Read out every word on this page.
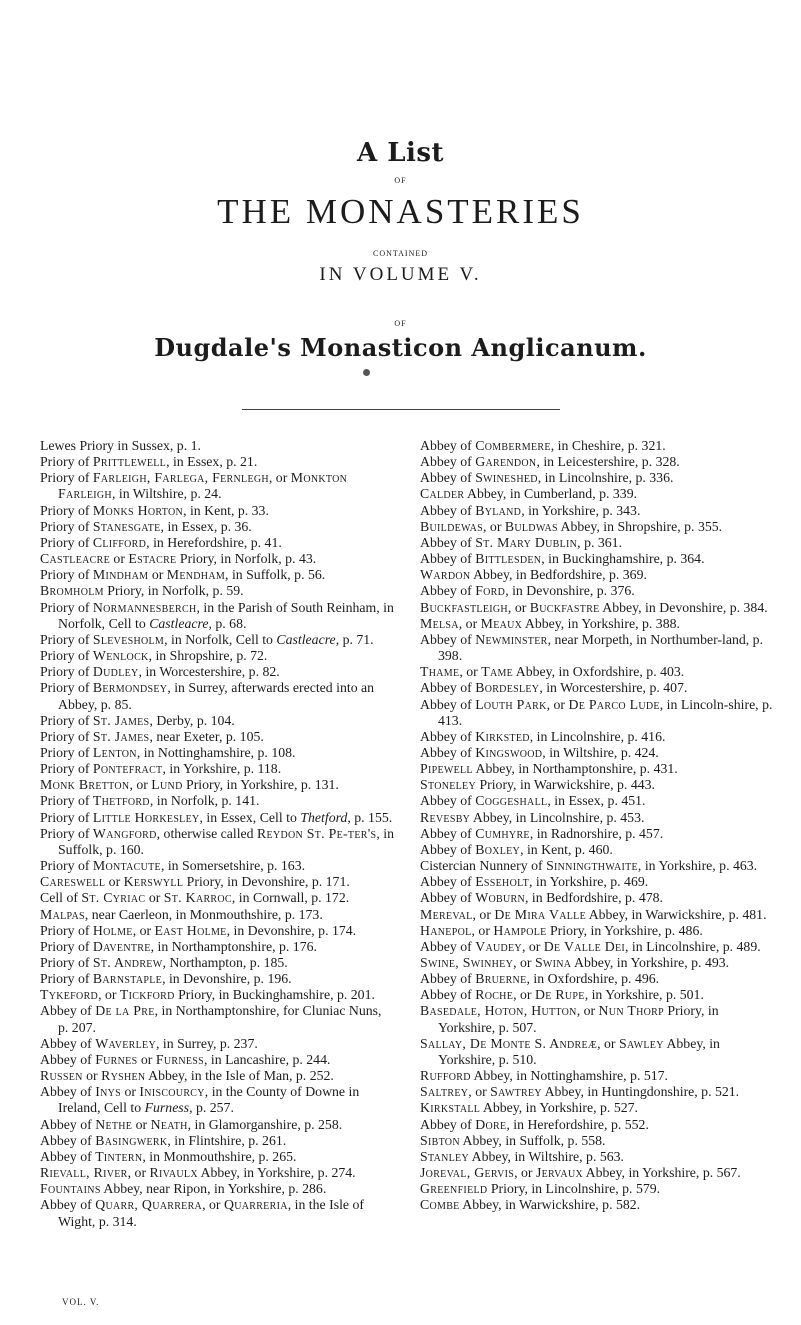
A List
OF
THE MONASTERIES
CONTAINED
IN VOLUME V.
OF
Dugdale's Monasticon Anglicanum.

Lewes Priory in Sussex, p. 1.

Priory of Prittlewell, in Essex, p. 21.

Priory of Farleigh, Farlega, Fernlegh, or Monkton Farleigh, in Wiltshire, p. 24.

Priory of Monks Horton, in Kent, p. 33.

Priory of Stanesgate, in Essex, p. 36.

Priory of Clifford, in Herefordshire, p. 41.

Castleacre or Estacre Priory, in Norfolk, p. 43.

Priory of Mindham or Mendham, in Suffolk, p. 56.

Bromholm Priory, in Norfolk, p. 59.

Priory of Normannesberch, in the Parish of South Reinham, in Norfolk, Cell to Castleacre, p. 68.

Priory of Slevesholm, in Norfolk, Cell to Castleacre, p. 71.

Priory of Wenlock, in Shropshire, p. 72.

Priory of Dudley, in Worcestershire, p. 82.

Priory of Bermondsey, in Surrey, afterwards erected into an Abbey, p. 85.

Priory of St. James, Derby, p. 104.

Priory of St. James, near Exeter, p. 105.

Priory of Lenton, in Nottinghamshire, p. 108.

Priory of Pontefract, in Yorkshire, p. 118.

Monk Bretton, or Lund Priory, in Yorkshire, p. 131.

Priory of Thetford, in Norfolk, p. 141.

Priory of Little Horkesley, in Essex, Cell to Thetford, p. 155.

Priory of Wangford, otherwise called Reydon St. Pe-ter's, in Suffolk, p. 160.

Priory of Montacute, in Somersetshire, p. 163.

Careswell or Kerswyll Priory, in Devonshire, p. 171.

Cell of St. Cyriac or St. Karroc, in Cornwall, p. 172.

Malpas, near Caerleon, in Monmouthshire, p. 173.

Priory of Holme, or East Holme, in Devonshire, p. 174.

Priory of Daventre, in Northamptonshire, p. 176.

Priory of St. Andrew, Northampton, p. 185.

Priory of Barnstaple, in Devonshire, p. 196.

Tykeford, or Tickford Priory, in Buckinghamshire, p. 201.

Abbey of De la Pre, in Northamptonshire, for Cluniac Nuns, p. 207.

Abbey of Waverley, in Surrey, p. 237.

Abbey of Furnes or Furness, in Lancashire, p. 244.

Russen or Ryshen Abbey, in the Isle of Man, p. 252.

Abbey of Inys or Iniscourcy, in the County of Downe in Ireland, Cell to Furness, p. 257.

Abbey of Nethe or Neath, in Glamorganshire, p. 258.

Abbey of Basingwerk, in Flintshire, p. 261.

Abbey of Tintern, in Monmouthshire, p. 265.

Rievall, River, or Rivaulx Abbey, in Yorkshire, p. 274.

Fountains Abbey, near Ripon, in Yorkshire, p. 286.

Abbey of Quarr, Quarrera, or Quarreria, in the Isle of Wight, p. 314.

Abbey of Combermere, in Cheshire, p. 321.

Abbey of Garendon, in Leicestershire, p. 328.

Abbey of Swineshed, in Lincolnshire, p. 336.

Calder Abbey, in Cumberland, p. 339.

Abbey of Byland, in Yorkshire, p. 343.

Buildewas, or Buldwas Abbey, in Shropshire, p. 355.

Abbey of St. Mary Dublin, p. 361.

Abbey of Bittlesden, in Buckinghamshire, p. 364.

Wardon Abbey, in Bedfordshire, p. 369.

Abbey of Ford, in Devonshire, p. 376.

Buckfastleigh, or Buckfastre Abbey, in Devonshire, p. 384.

Melsa, or Meaux Abbey, in Yorkshire, p. 388.

Abbey of Newminster, near Morpeth, in Northumber-land, p. 398.

Thame, or Tame Abbey, in Oxfordshire, p. 403.

Abbey of Bordesley, in Worcestershire, p. 407.

Abbey of Louth Park, or De Parco Lude, in Lincoln-shire, p. 413.

Abbey of Kirksted, in Lincolnshire, p. 416.

Abbey of Kingswood, in Wiltshire, p. 424.

Pipewell Abbey, in Northamptonshire, p. 431.

Stoneley Priory, in Warwickshire, p. 443.

Abbey of Coggeshall, in Essex, p. 451.

Revesby Abbey, in Lincolnshire, p. 453.

Abbey of Cumhyre, in Radnorshire, p. 457.

Abbey of Boxley, in Kent, p. 460.

Cistercian Nunnery of Sinningthwaite, in Yorkshire, p. 463.

Abbey of Esseholt, in Yorkshire, p. 469.

Abbey of Woburn, in Bedfordshire, p. 478.

Mereval, or De Mira Valle Abbey, in Warwickshire, p. 481.

Hanepol, or Hampole Priory, in Yorkshire, p. 486.

Abbey of Vaudey, or De Valle Dei, in Lincolnshire, p. 489.

Swine, Swinhey, or Swina Abbey, in Yorkshire, p. 493.

Abbey of Bruerne, in Oxfordshire, p. 496.

Abbey of Roche, or De Rupe, in Yorkshire, p. 501.

Basedale, Hoton, Hutton, or Nun Thorp Priory, in Yorkshire, p. 507.

Sallay, De Monte S. Andreæ, or Sawley Abbey, in Yorkshire, p. 510.

Rufford Abbey, in Nottinghamshire, p. 517.

Saltrey, or Sawtrey Abbey, in Huntingdonshire, p. 521.

Kirkstall Abbey, in Yorkshire, p. 527.

Abbey of Dore, in Herefordshire, p. 552.

Sibton Abbey, in Suffolk, p. 558.

Stanley Abbey, in Wiltshire, p. 563.

Joreval, Gervis, or Jervaux Abbey, in Yorkshire, p. 567.

Greenfield Priory, in Lincolnshire, p. 579.

Combe Abbey, in Warwickshire, p. 582.

VOL. V.
